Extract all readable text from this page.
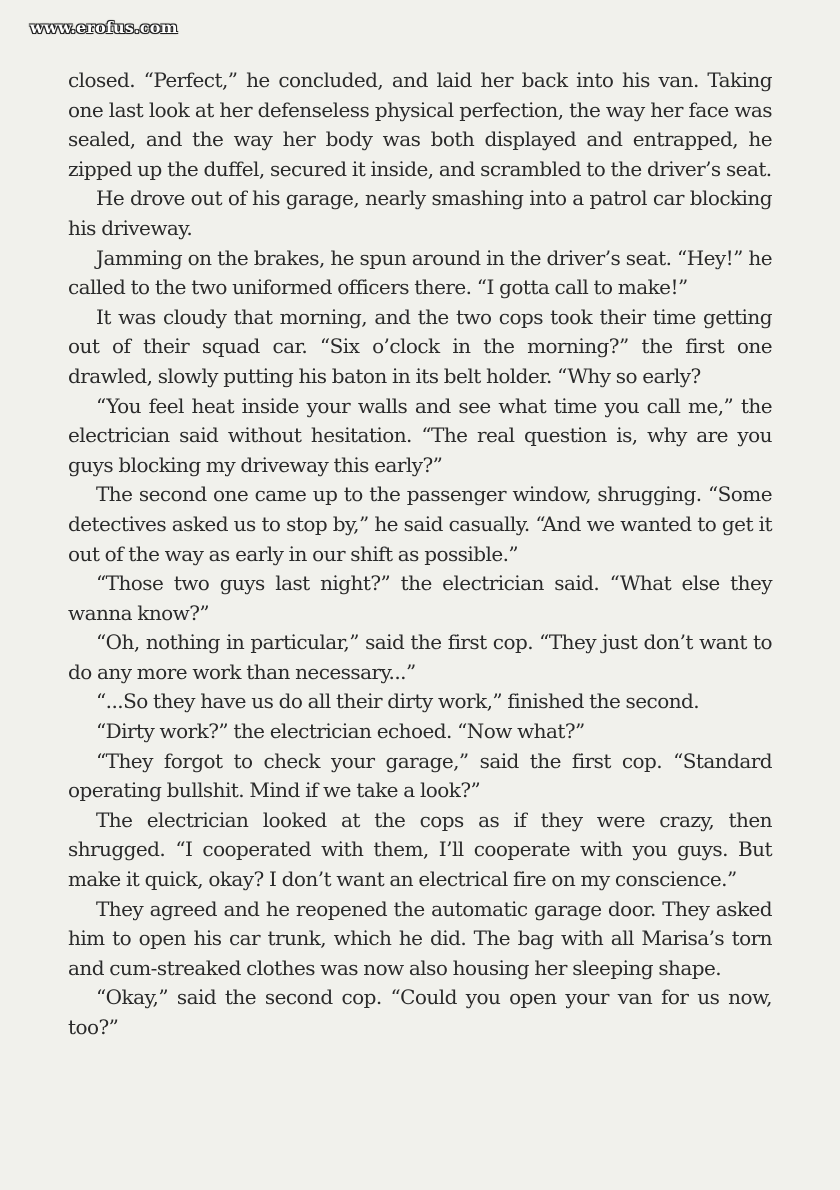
www.erofus.com

closed. “Perfect,” he concluded, and laid her back into his van. Taking one last look at her defenseless physical perfection, the way her face was sealed, and the way her body was both displayed and entrapped, he zipped up the duffel, secured it inside, and scrambled to the driver’s seat.

He drove out of his garage, nearly smashing into a patrol car blocking his driveway.

Jamming on the brakes, he spun around in the driver’s seat. “Hey!” he called to the two uniformed officers there. “I gotta call to make!”

It was cloudy that morning, and the two cops took their time getting out of their squad car. “Six o’clock in the morning?” the first one drawled, slowly putting his baton in its belt holder. “Why so early?

“You feel heat inside your walls and see what time you call me,” the electrician said without hesitation. “The real question is, why are you guys blocking my driveway this early?”

The second one came up to the passenger window, shrugging. “Some detectives asked us to stop by,” he said casually. “And we wanted to get it out of the way as early in our shift as possible.”

“Those two guys last night?” the electrician said. “What else they wanna know?”

“Oh, nothing in particular,” said the first cop. “They just don’t want to do any more work than necessary...”

“...So they have us do all their dirty work,” finished the second.

“Dirty work?” the electrician echoed. “Now what?”

“They forgot to check your garage,” said the first cop. “Standard operating bullshit. Mind if we take a look?”

The electrician looked at the cops as if they were crazy, then shrugged. “I cooperated with them, I’ll cooperate with you guys. But make it quick, okay? I don’t want an electrical fire on my conscience.”

They agreed and he reopened the automatic garage door. They asked him to open his car trunk, which he did. The bag with all Marisa’s torn and cum-streaked clothes was now also housing her sleeping shape.

“Okay,” said the second cop. “Could you open your van for us now, too?”
